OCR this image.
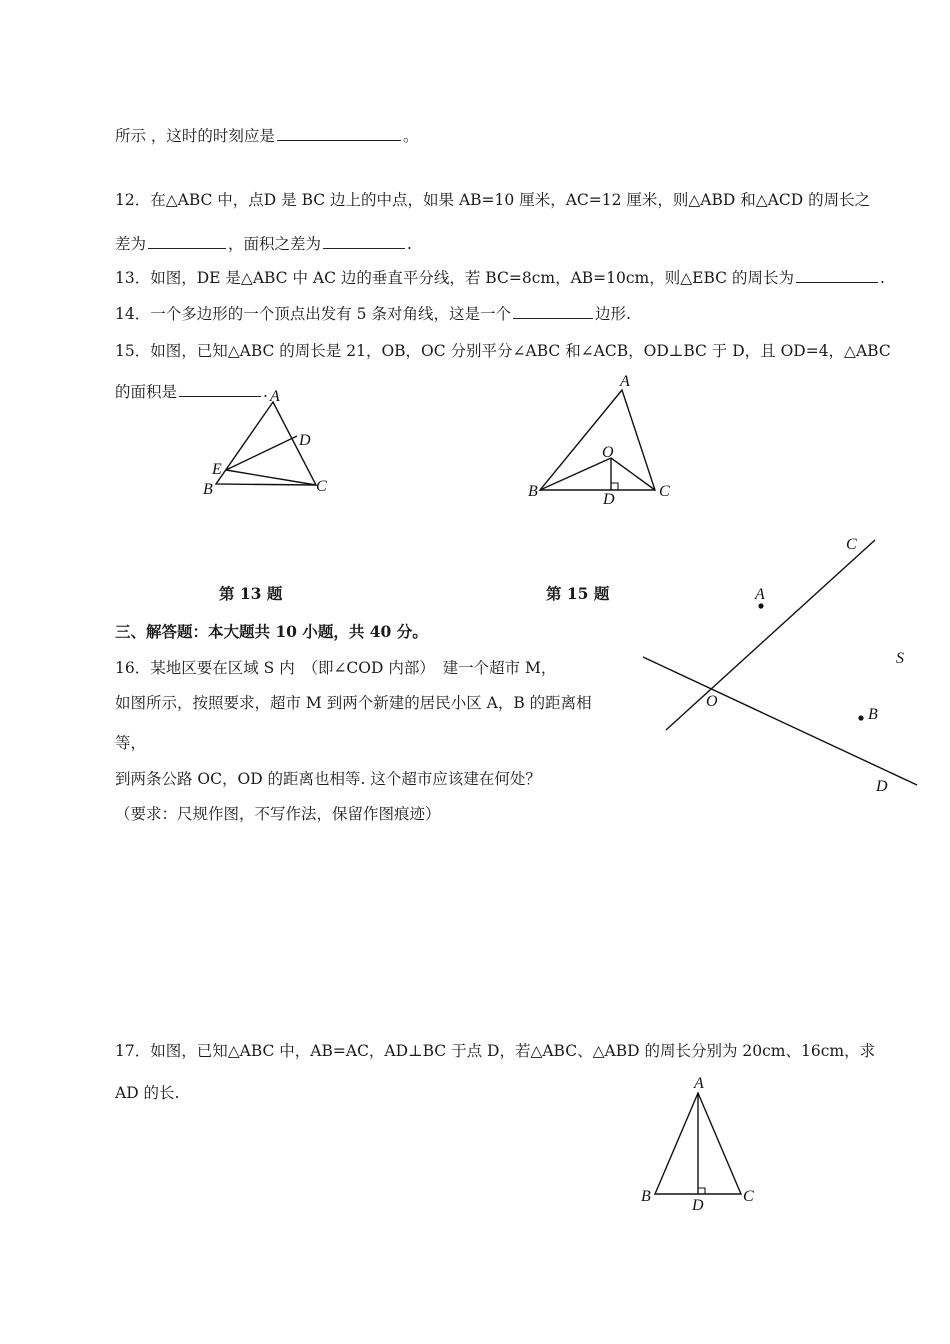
所示 ，这时的时刻应是	。
12．在△ABC 中，点D 是 BC 边上的中点，如果 AB=10 厘米，AC=12 厘米，则△ABD 和△ACD 的周长之
差为	，面积之差为	.
13．如图，DE 是△ABC 中 AC 边的垂直平分线，若 BC=8cm，AB=10cm，则△EBC 的周长为	.
14．一个多边形的一个顶点出发有 5 条对角线，这是一个	边形.
15．如图，已知△ABC 的周长是 21，OB，OC 分别平分∠ABC 和∠ACB，OD⊥BC 于 D，且 OD=4，△ABC
的面积是	. A
D
E
B	C
A
O
B	D	C
第 13 题	第 15 题
C
A
S
O
B
D
三、解答题：本大题共 10 小题，共 40 分。
16．某地区要在区域 S 内　（即∠COD 内部）　建一个超市 M，
如图所示，按照要求，超市 M 到两个新建的居民小区 A，B 的距离相
等，
到两条公路 OC，OD 的距离也相等. 这个超市应该建在何处？
（要求：尺规作图，不写作法，保留作图痕迹）
17．如图，已知△ABC 中，AB=AC，AD⊥BC 于点 D，若△ABC、△ABD 的周长分别为 20cm、16cm，求
AD 的长.
A
B
D
C
